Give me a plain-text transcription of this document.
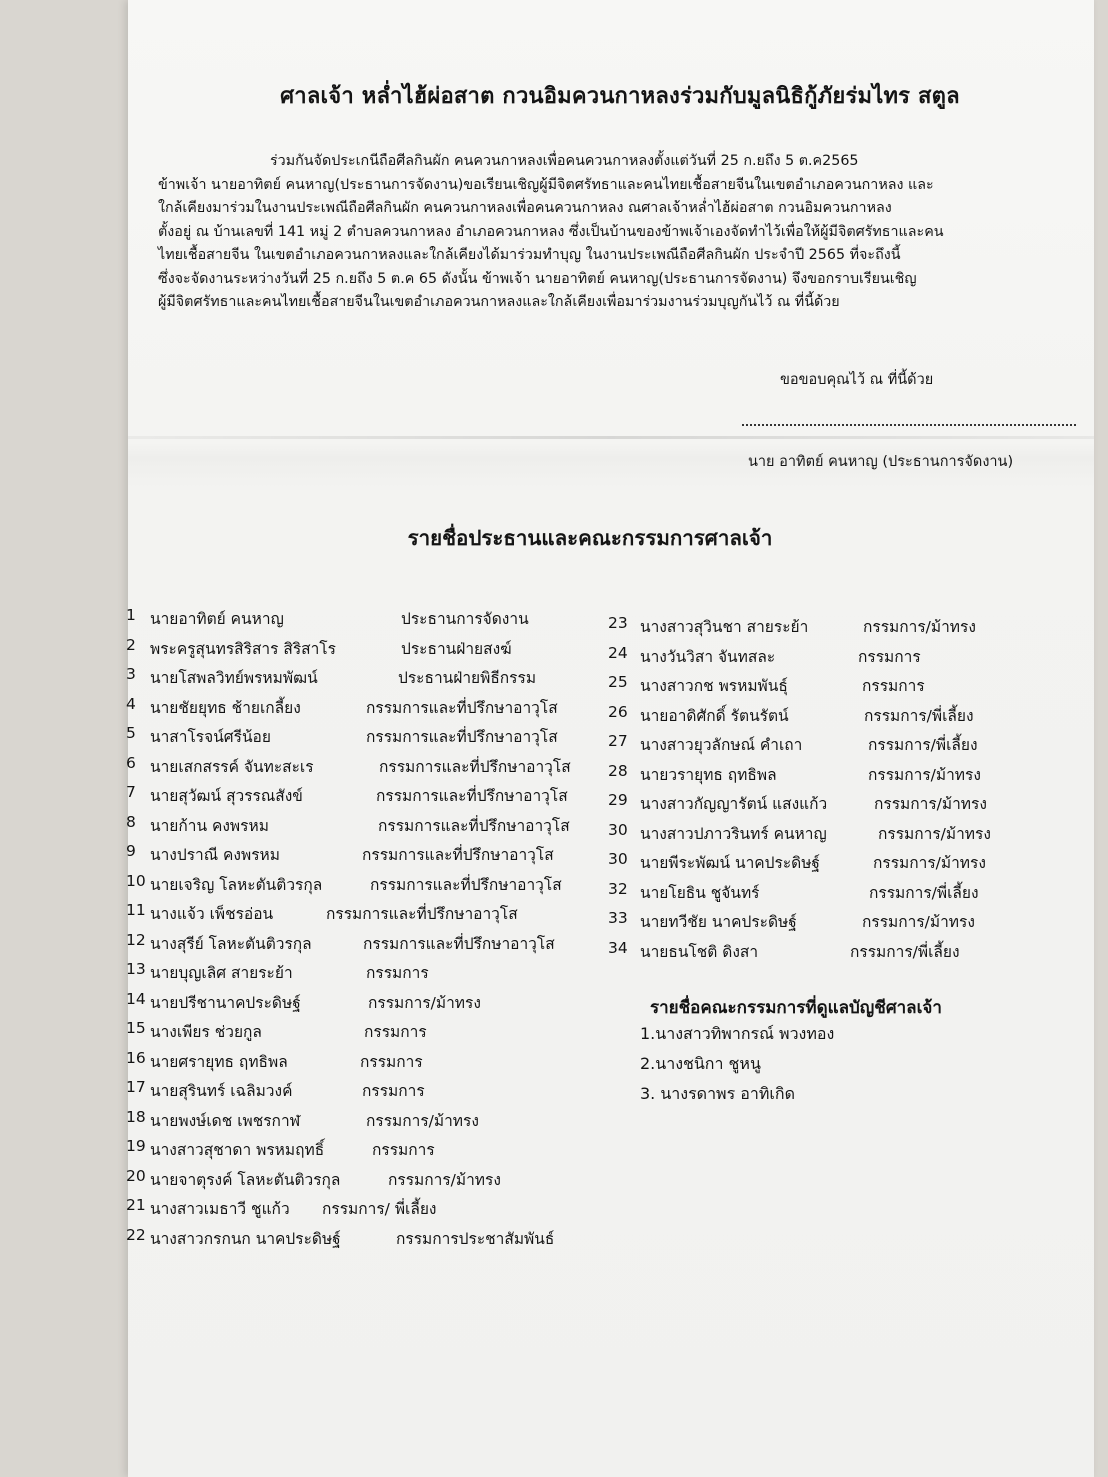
ศาลเจ้า หล่ำไฮ้ผ่อสาต กวนอิมควนกาหลงร่วมกับมูลนิธิกู้ภัยร่มไทร สตูล
ร่วมกันจัดประเกนีถือศีลกินผัก คนควนกาหลงเพื่อคนควนกาหลงตั้งแต่วันที่ 25 ก.ยถึง 5 ต.ค2565
ข้าพเจ้า นายอาทิตย์ คนหาญ(ประธานการจัดงาน)ขอเรียนเชิญผู้มีจิตศรัทธาและคนไทยเชื้อสายจีนในเขตอำเภอควนกาหลง และ
ใกล้เคียงมาร่วมในงานประเพณีถือศีลกินผัก คนควนกาหลงเพื่อคนควนกาหลง ณศาลเจ้าหล่ำไฮ้ผ่อสาต กวนอิมควนกาหลง
ตั้งอยู่ ณ บ้านเลขที่ 141 หมู่ 2 ตำบลควนกาหลง อำเภอควนกาหลง ซึ่งเป็นบ้านของข้าพเจ้าเองจัดทำไว้เพื่อให้ผู้มีจิตศรัทธาและคน
ไทยเชื้อสายจีน ในเขตอำเภอควนกาหลงและใกล้เคียงได้มาร่วมทำบุญ ในงานประเพณีถือศีลกินผัก ประจำปี 2565 ที่จะถึงนี้
ซึ่งจะจัดงานระหว่างวันที่ 25 ก.ยถึง 5 ต.ค 65 ดังนั้น ข้าพเจ้า นายอาทิตย์ คนหาญ(ประธานการจัดงาน) จึงขอกราบเรียนเชิญ
ผู้มีจิตศรัทธาและคนไทยเชื้อสายจีนในเขตอำเภอควนกาหลงและใกล้เคียงเพื่อมาร่วมงานร่วมบุญกันไว้ ณ ที่นี้ด้วย
ขอขอบคุณไว้ ณ ที่นี้ด้วย
นาย อาทิตย์ คนหาญ (ประธานการจัดงาน)
รายชื่อประธานและคณะกรรมการศาลเจ้า
1 นายอาทิตย์ คนหาญ	ประธานการจัดงาน
2 พระครูสุนทรสิริสาร สิริสาโร	ประธานฝ่ายสงฆ์
3 นายโสพลวิทย์พรหมพัฒน์	ประธานฝ่ายพิธีกรรม
4 นายชัยยุทธ ช้ายเกลี้ยง	กรรมการและที่ปรึกษาอาวุโส
5 นาสาโรจน์ศรีน้อย	กรรมการและที่ปรึกษาอาวุโส
6 นายเสกสรรค์ จันทะสะเร	กรรมการและที่ปรึกษาอาวุโส
7 นายสุวัฒน์ สุวรรณสังข์	กรรมการและที่ปรึกษาอาวุโส
8 นายก้าน คงพรหม	กรรมการและที่ปรึกษาอาวุโส
9 นางปราณี คงพรหม	กรรมการและที่ปรึกษาอาวุโส
10 นายเจริญ โลหะตันติวรกุล	กรรมการและที่ปรึกษาอาวุโส
11 นางแจ้ว เพ็ชรอ่อน	กรรมการและที่ปรึกษาอาวุโส
12 นางสุรีย์ โลหะตันติวรกุล	กรรมการและที่ปรึกษาอาวุโส
13 นายบุญเลิศ สายระย้า	กรรมการ
14 นายปรีชานาคประดิษฐ์	กรรมการ/ม้าทรง
15 นางเพียร ช่วยกูล	กรรมการ
16 นายศรายุทธ ฤทธิพล	กรรมการ
17 นายสุรินทร์ เฉลิมวงค์	กรรมการ
18 นายพงษ์เดช เพชรกาฬ	กรรมการ/ม้าทรง
19 นางสาวสุชาดา พรหมฤทธิ์	กรรมการ
20 นายจาตุรงค์ โลหะตันติวรกุล	กรรมการ/ม้าทรง
21 นางสาวเมธาวี ชูแก้ว กรรมการ/ พี่เลี้ยง
22 นางสาวกรกนก นาคประดิษฐ์	กรรมการประชาสัมพันธ์
23 นางสาวสุวินชา สายระย้า	กรรมการ/ม้าทรง
24 นางวันวิสา จันทสละ	กรรมการ
25 นางสาวกช พรหมพันธุ์	กรรมการ
26 นายอาดิศักดิ์ รัตนรัตน์	กรรมการ/พี่เลี้ยง
27 นางสาวยุวลักษณ์ คำเถา	กรรมการ/พี่เลี้ยง
28 นายวรายุทธ ฤทธิพล	กรรมการ/ม้าทรง
29 นางสาวกัญญารัตน์ แสงแก้ว	กรรมการ/ม้าทรง
30 นางสาวปภาวรินทร์ คนหาญ	กรรมการ/ม้าทรง
30 นายพีระพัฒน์ นาคประดิษฐ์	กรรมการ/ม้าทรง
32 นายโยธิน ชูจันทร์	กรรมการ/พี่เลี้ยง
33 นายทวีชัย นาคประดิษฐ์	กรรมการ/ม้าทรง
34 นายธนโชติ ดิงสา	กรรมการ/พี่เลี้ยง
รายชื่อคณะกรรมการที่ดูแลบัญชีศาลเจ้า
1.นางสาวทิพากรณ์ พวงทอง
2.นางชนิกา ชูหนู
3. นางรดาพร อาทิเกิด
